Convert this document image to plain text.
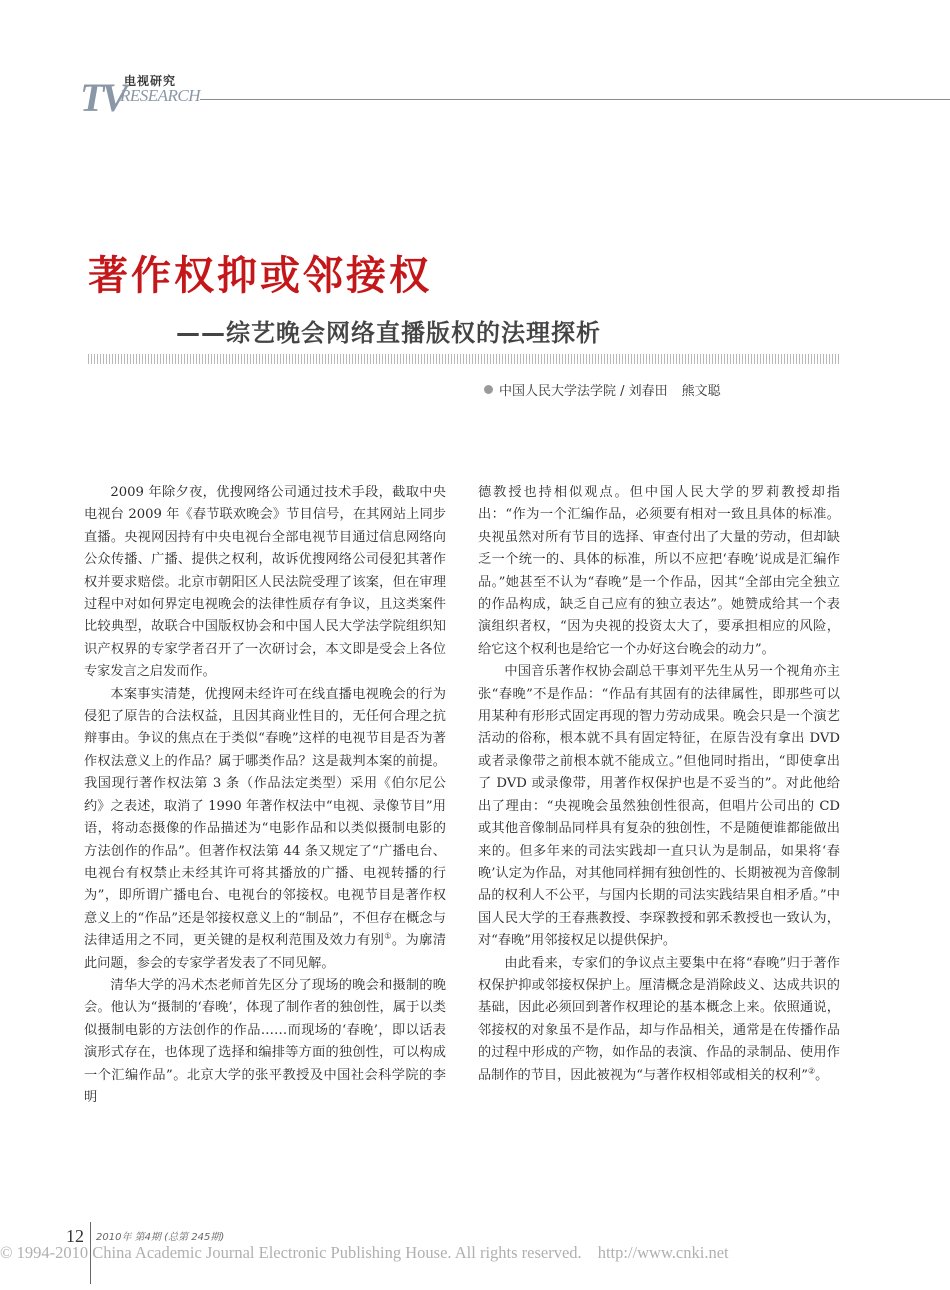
TV
电视研究
RESEARCH
著作权抑或邻接权
——综艺晚会网络直播版权的法理探析
中国人民大学法学院 / 刘春田 熊文聪

2009 年除夕夜，优搜网络公司通过技术手段，截取中央电视台 2009 年《春节联欢晚会》节目信号，在其网站上同步直播。央视网因持有中央电视台全部电视节目通过信息网络向公众传播、广播、提供之权利，故诉优搜网络公司侵犯其著作权并要求赔偿。北京市朝阳区人民法院受理了该案，但在审理过程中对如何界定电视晚会的法律性质存有争议，且这类案件比较典型，故联合中国版权协会和中国人民大学法学院组织知识产权界的专家学者召开了一次研讨会，本文即是受会上各位专家发言之启发而作。

本案事实清楚，优搜网未经许可在线直播电视晚会的行为侵犯了原告的合法权益，且因其商业性目的，无任何合理之抗辩事由。争议的焦点在于类似“春晚”这样的电视节目是否为著作权法意义上的作品？属于哪类作品？这是裁判本案的前提。我国现行著作权法第 3 条（作品法定类型）采用《伯尔尼公约》之表述，取消了 1990 年著作权法中“电视、录像节目”用语，将动态摄像的作品描述为“电影作品和以类似摄制电影的方法创作的作品”。但著作权法第 44 条又规定了“广播电台、电视台有权禁止未经其许可将其播放的广播、电视转播的行为”，即所谓广播电台、电视台的邻接权。电视节目是著作权意义上的“作品”还是邻接权意义上的“制品”，不但存在概念与法律适用之不同，更关键的是权利范围及效力有别①。为廓清此问题，参会的专家学者发表了不同见解。

清华大学的冯术杰老师首先区分了现场的晚会和摄制的晚会。他认为“摄制的‘春晚’，体现了制作者的独创性，属于以类似摄制电影的方法创作的作品……而现场的‘春晚’，即以话表演形式存在，也体现了选择和编排等方面的独创性，可以构成一个汇编作品”。北京大学的张平教授及中国社会科学院的李明

德教授也持相似观点。但中国人民大学的罗莉教授却指出：“作为一个汇编作品，必须要有相对一致且具体的标准。央视虽然对所有节目的选择、审查付出了大量的劳动，但却缺乏一个统一的、具体的标准，所以不应把‘春晚’说成是汇编作品。”她甚至不认为“春晚”是一个作品，因其“全部由完全独立的作品构成，缺乏自己应有的独立表达”。她赞成给其一个表演组织者权，“因为央视的投资太大了，要承担相应的风险，给它这个权利也是给它一个办好这台晚会的动力”。

中国音乐著作权协会副总干事刘平先生从另一个视角亦主张“春晚”不是作品：“作品有其固有的法律属性，即那些可以用某种有形形式固定再现的智力劳动成果。晚会只是一个演艺活动的俗称，根本就不具有固定特征，在原告没有拿出 DVD 或者录像带之前根本就不能成立。”但他同时指出，“即使拿出了 DVD 或录像带，用著作权保护也是不妥当的”。对此他给出了理由：“央视晚会虽然独创性很高，但唱片公司出的 CD 或其他音像制品同样具有复杂的独创性，不是随便谁都能做出来的。但多年来的司法实践却一直只认为是制品，如果将‘春晚’认定为作品，对其他同样拥有独创性的、长期被视为音像制品的权利人不公平，与国内长期的司法实践结果自相矛盾。”中国人民大学的王春燕教授、李琛教授和郭禾教授也一致认为，对“春晚”用邻接权足以提供保护。

由此看来，专家们的争议点主要集中在将“春晚”归于著作权保护抑或邻接权保护上。厘清概念是消除歧义、达成共识的基础，因此必须回到著作权理论的基本概念上来。依照通说，邻接权的对象虽不是作品，却与作品相关，通常是在传播作品的过程中形成的产物，如作品的表演、作品的录制品、使用作品制作的节目，因此被视为“与著作权相邻或相关的权利”②。

12 2010年 第4期 (总第 245期)
© 1994-2010 China Academic Journal Electronic Publishing House. All rights reserved. http://www.cnki.net
